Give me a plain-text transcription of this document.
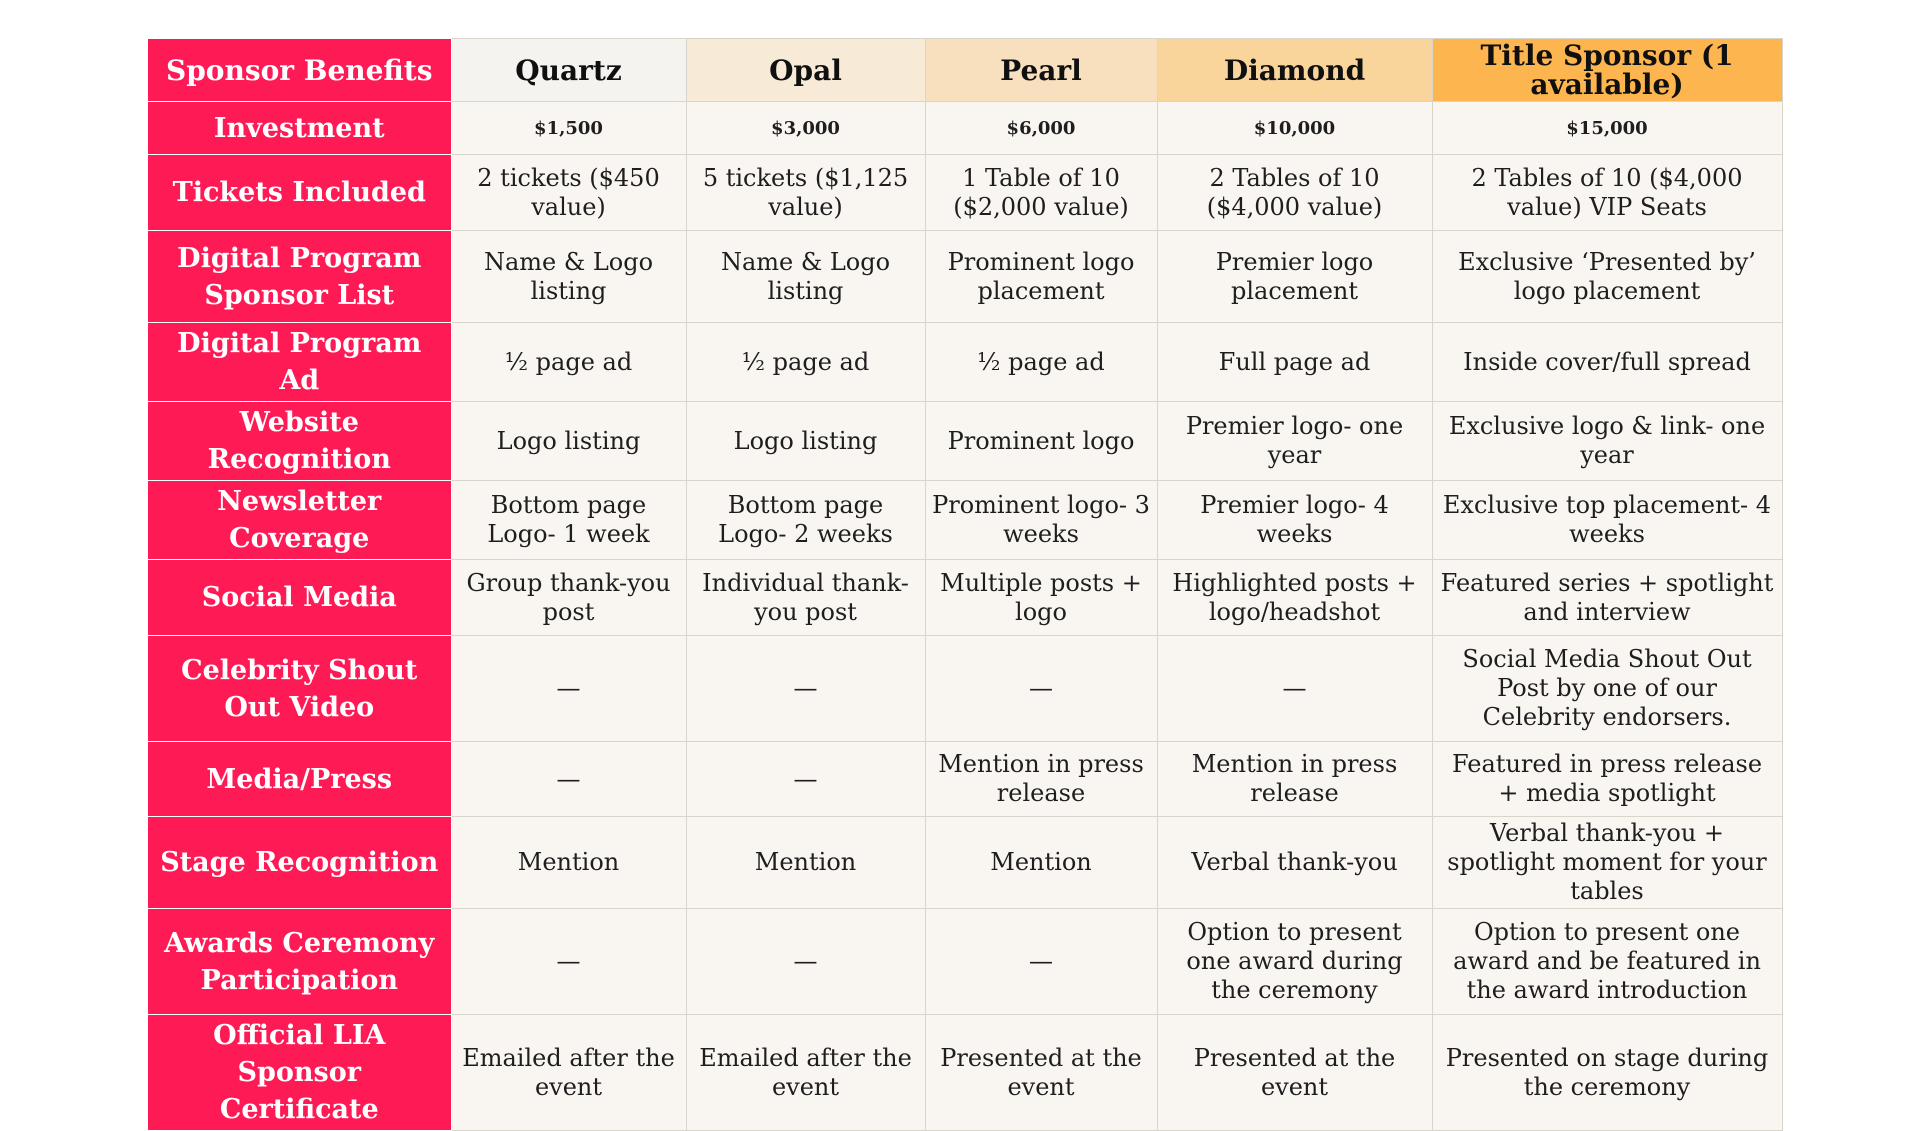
Sponsor Benefits	Quartz	Opal	Pearl	Diamond	Title Sponsor (1 available)
Investment	$1,500	$3,000	$6,000	$10,000	$15,000
Tickets Included	2 tickets ($450 value)	5 tickets ($1,125 value)	1 Table of 10 ($2,000 value)	2 Tables of 10 ($4,000 value)	2 Tables of 10 ($4,000 value) VIP Seats
Digital Program Sponsor List	Name & Logo listing	Name & Logo listing	Prominent logo placement	Premier logo placement	Exclusive ‘Presented by’ logo placement
Digital Program Ad	½ page ad	½ page ad	½ page ad	Full page ad	Inside cover/full spread
Website Recognition	Logo listing	Logo listing	Prominent logo	Premier logo- one year	Exclusive logo & link- one year
Newsletter Coverage	Bottom page Logo- 1 week	Bottom page Logo- 2 weeks	Prominent logo- 3 weeks	Premier logo- 4 weeks	Exclusive top placement- 4 weeks
Social Media	Group thank-you post	Individual thank-you post	Multiple posts + logo	Highlighted posts + logo/headshot	Featured series + spotlight and interview
Celebrity Shout Out Video	—	—	—	—	Social Media Shout Out Post by one of our Celebrity endorsers.
Media/Press	—	—	Mention in press release	Mention in press release	Featured in press release + media spotlight
Stage Recognition	Mention	Mention	Mention	Verbal thank-you	Verbal thank-you + spotlight moment for your tables
Awards Ceremony Participation	—	—	—	Option to present one award during the ceremony	Option to present one award and be featured in the award introduction
Official LIA Sponsor Certificate	Emailed after the event	Emailed after the event	Presented at the event	Presented at the event	Presented on stage during the ceremony
